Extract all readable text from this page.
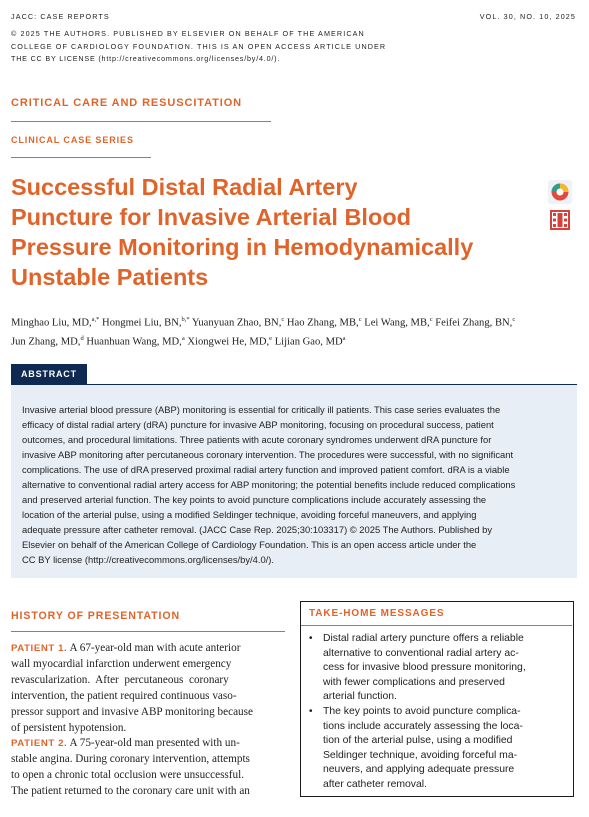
JACC: CASE REPORTS	VOL. 30, NO. 10, 2025
© 2025 THE AUTHORS. PUBLISHED BY ELSEVIER ON BEHALF OF THE AMERICAN
COLLEGE OF CARDIOLOGY FOUNDATION. THIS IS AN OPEN ACCESS ARTICLE UNDER
THE CC BY LICENSE (http://creativecommons.org/licenses/by/4.0/).
CRITICAL CARE AND RESUSCITATION
CLINICAL CASE SERIES
Successful Distal Radial Artery
Puncture for Invasive Arterial Blood
Pressure Monitoring in Hemodynamically
Unstable Patients
Minghao Liu, MD,$^{a,*}$ Hongmei Liu, BN,$^{b,*}$ Yuanyuan Zhao, BN,$^c$ Hao Zhang, MB,$^c$ Lei Wang, MB,$^c$ Feifei Zhang, BN,$^c$
Jun Zhang, MD,$^d$ Huanhuan Wang, MD,$^a$ Xiongwei He, MD,$^e$ Lijian Gao, $MD^a$
ABSTRACT
Invasive arterial blood pressure (ABP) monitoring is essential for critically ill patients. This case series evaluates the
efficacy of distal radial artery (dRA) puncture for invasive ABP monitoring, focusing on procedural success, patient
outcomes, and procedural limitations. Three patients with acute coronary syndromes underwent dRA puncture for
invasive ABP monitoring after percutaneous coronary intervention. The procedures were successful, with no significant
complications. The use of dRA preserved proximal radial artery function and improved patient comfort. dRA is a viable
alternative to conventional radial artery access for ABP monitoring; the potential benefits include reduced complications
and preserved arterial function. The key points to avoid puncture complications include accurately assessing the
location of the arterial pulse, using a modified Seldinger technique, avoiding forceful maneuvers, and applying
adequate pressure after catheter removal. (JACC Case Rep. 2025;30:103317) © 2025 The Authors. Published by
Elsevier on behalf of the American College of Cardiology Foundation. This is an open access article under the
CC BY license (http://creativecommons.org/licenses/by/4.0/).
HISTORY OF PRESENTATION
PATIENT 1. A 67-year-old man with acute anterior
wall myocardial infarction underwent emergency
revascularization.  After  percutaneous  coronary
intervention, the patient required continuous vaso-
pressor support and invasive ABP monitoring because
of persistent hypotension.
PATIENT 2. A 75-year-old man presented with un-
stable angina. During coronary intervention, attempts
to open a chronic total occlusion were unsuccessful.
The patient returned to the coronary care unit with an
TAKE-HOME MESSAGES
• Distal radial artery puncture offers a reliable
alternative to conventional radial artery ac-
cess for invasive blood pressure monitoring,
with fewer complications and preserved
arterial function.
• The key points to avoid puncture complica-
tions include accurately assessing the loca-
tion of the arterial pulse, using a modified
Seldinger technique, avoiding forceful ma-
neuvers, and applying adequate pressure
after catheter removal.
